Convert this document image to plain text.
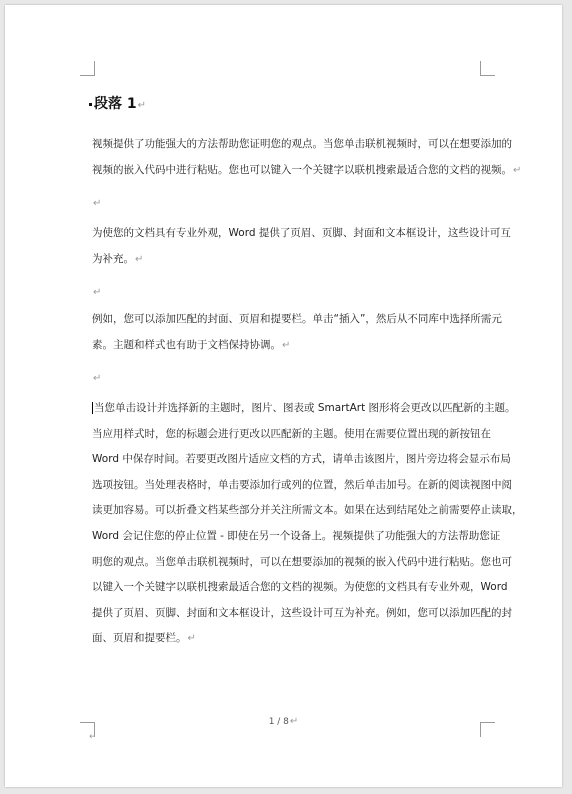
段落 1↵
视频提供了功能强大的方法帮助您证明您的观点。当您单击联机视频时，可以在想要添加的
视频的嵌入代码中进行粘贴。您也可以键入一个关键字以联机搜索最适合您的文档的视频。↵
↵
为使您的文档具有专业外观，Word 提供了页眉、页脚、封面和文本框设计，这些设计可互
为补充。↵
↵
例如，您可以添加匹配的封面、页眉和提要栏。单击“插入”，然后从不同库中选择所需元
素。主题和样式也有助于文档保持协调。↵
↵
当您单击设计并选择新的主题时，图片、图表或 SmartArt 图形将会更改以匹配新的主题。
当应用样式时，您的标题会进行更改以匹配新的主题。使用在需要位置出现的新按钮在
Word 中保存时间。若要更改图片适应文档的方式，请单击该图片，图片旁边将会显示布局
选项按钮。当处理表格时，单击要添加行或列的位置，然后单击加号。在新的阅读视图中阅
读更加容易。可以折叠文档某些部分并关注所需文本。如果在达到结尾处之前需要停止读取，
Word 会记住您的停止位置 - 即使在另一个设备上。视频提供了功能强大的方法帮助您证
明您的观点。当您单击联机视频时，可以在想要添加的视频的嵌入代码中进行粘贴。您也可
以键入一个关键字以联机搜索最适合您的文档的视频。为使您的文档具有专业外观，Word
提供了页眉、页脚、封面和文本框设计，这些设计可互为补充。例如，您可以添加匹配的封
面、页眉和提要栏。↵
1 / 8↵
↵
